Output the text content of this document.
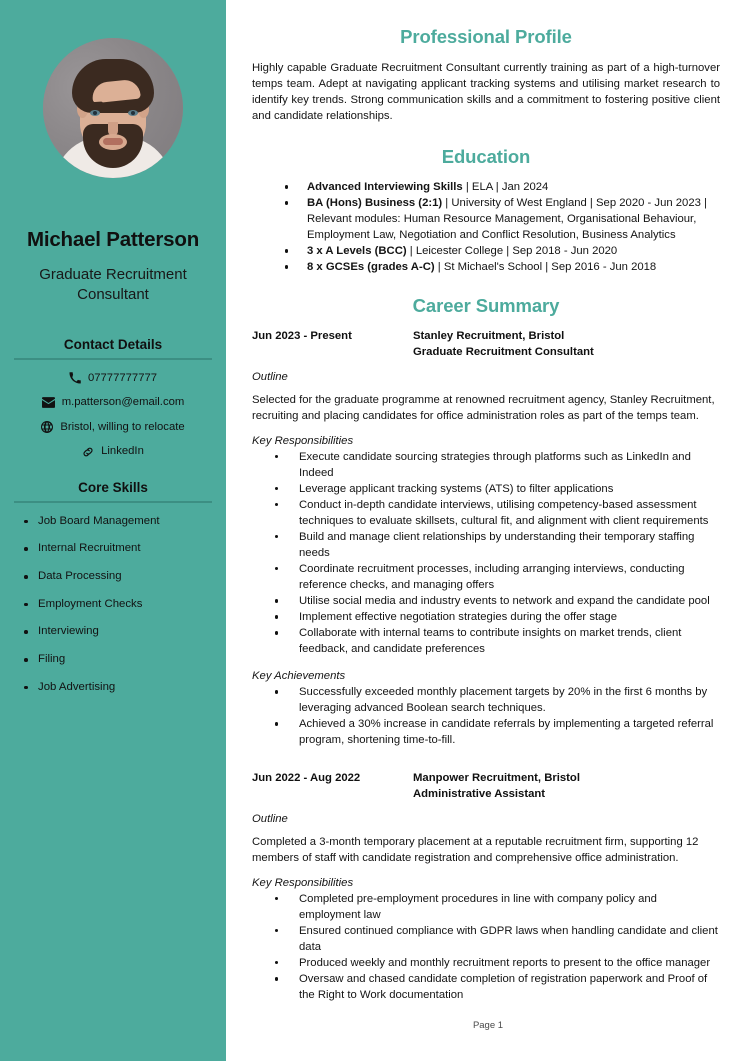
Michael Patterson
Graduate Recruitment Consultant
Contact Details
07777777777
m.patterson@email.com
Bristol, willing to relocate
LinkedIn
Core Skills
Job Board Management
Internal Recruitment
Data Processing
Employment Checks
Interviewing
Filing
Job Advertising
Professional Profile

Highly capable Graduate Recruitment Consultant currently training as part of a high-turnover temps team. Adept at navigating applicant tracking systems and utilising market research to identify key trends. Strong communication skills and a commitment to fostering positive client and candidate relationships.

Education
Advanced Interviewing Skills | ELA | Jan 2024
BA (Hons) Business (2:1) | University of West England | Sep 2020 - Jun 2023 | Relevant modules: Human Resource Management, Organisational Behaviour, Employment Law, Negotiation and Conflict Resolution, Business Analytics
3 x A Levels (BCC) | Leicester College | Sep 2018 - Jun 2020
8 x GCSEs (grades A-C) | St Michael's School | Sep 2016 - Jun 2018
Career Summary
Jun 2023 - Present	Stanley Recruitment, Bristol
Graduate Recruitment Consultant
Outline

Selected for the graduate programme at renowned recruitment agency, Stanley Recruitment, recruiting and placing candidates for office administration roles as part of the temps team.

Key Responsibilities
Execute candidate sourcing strategies through platforms such as LinkedIn and Indeed
Leverage applicant tracking systems (ATS) to filter applications
Conduct in-depth candidate interviews, utilising competency-based assessment techniques to evaluate skillsets, cultural fit, and alignment with client requirements
Build and manage client relationships by understanding their temporary staffing needs
Coordinate recruitment processes, including arranging interviews, conducting reference checks, and managing offers
Utilise social media and industry events to network and expand the candidate pool
Implement effective negotiation strategies during the offer stage
Collaborate with internal teams to contribute insights on market trends, client feedback, and candidate preferences
Key Achievements
Successfully exceeded monthly placement targets by 20% in the first 6 months by leveraging advanced Boolean search techniques.
Achieved a 30% increase in candidate referrals by implementing a targeted referral program, shortening time-to-fill.
Jun 2022 - Aug 2022	Manpower Recruitment, Bristol
Administrative Assistant
Outline

Completed a 3-month temporary placement at a reputable recruitment firm, supporting 12 members of staff with candidate registration and comprehensive office administration.

Key Responsibilities
Completed pre-employment procedures in line with company policy and employment law
Ensured continued compliance with GDPR laws when handling candidate and client data
Produced weekly and monthly recruitment reports to present to the office manager
Oversaw and chased candidate completion of registration paperwork and Proof of the Right to Work documentation
Page 1
